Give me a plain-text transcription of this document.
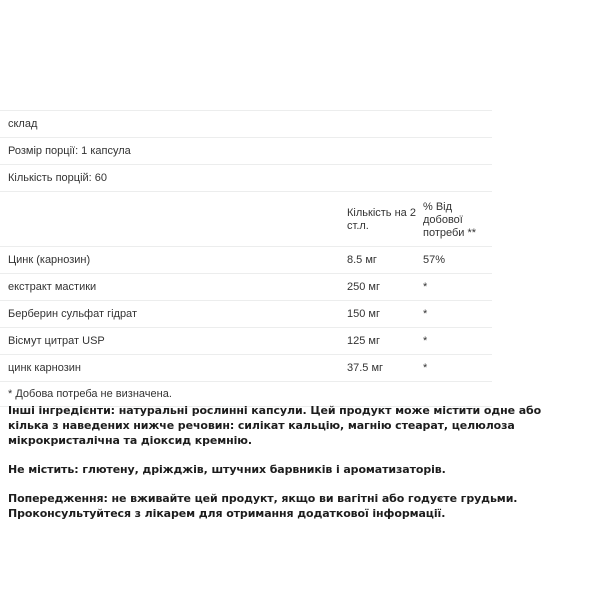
склад		
Розмір порції: 1 капсула		
Кількість порцій: 60		
	Кількість на 2 ст.л.	% Від добової потреби **
Цинк (карнозин)	8.5 мг	57%
екстракт мастики	250 мг	*
Берберин сульфат гідрат	150 мг	*
Вісмут цитрат USP	125 мг	*
цинк карнозин	37.5 мг	*
* Добова потреба не визначена.		

Інші інгредієнти: натуральні рослинні капсули. Цей продукт може містити одне або кілька з наведених нижче речовин: силікат кальцію, магнію стеарат, целюлоза мікрокристалічна та діоксид кремнію.

Не містить: глютену, дріжджів, штучних барвників і ароматизаторів.

Попередження: не вживайте цей продукт, якщо ви вагітні або годуєте грудьми. Проконсультуйтеся з лікарем для отримання додаткової інформації.
